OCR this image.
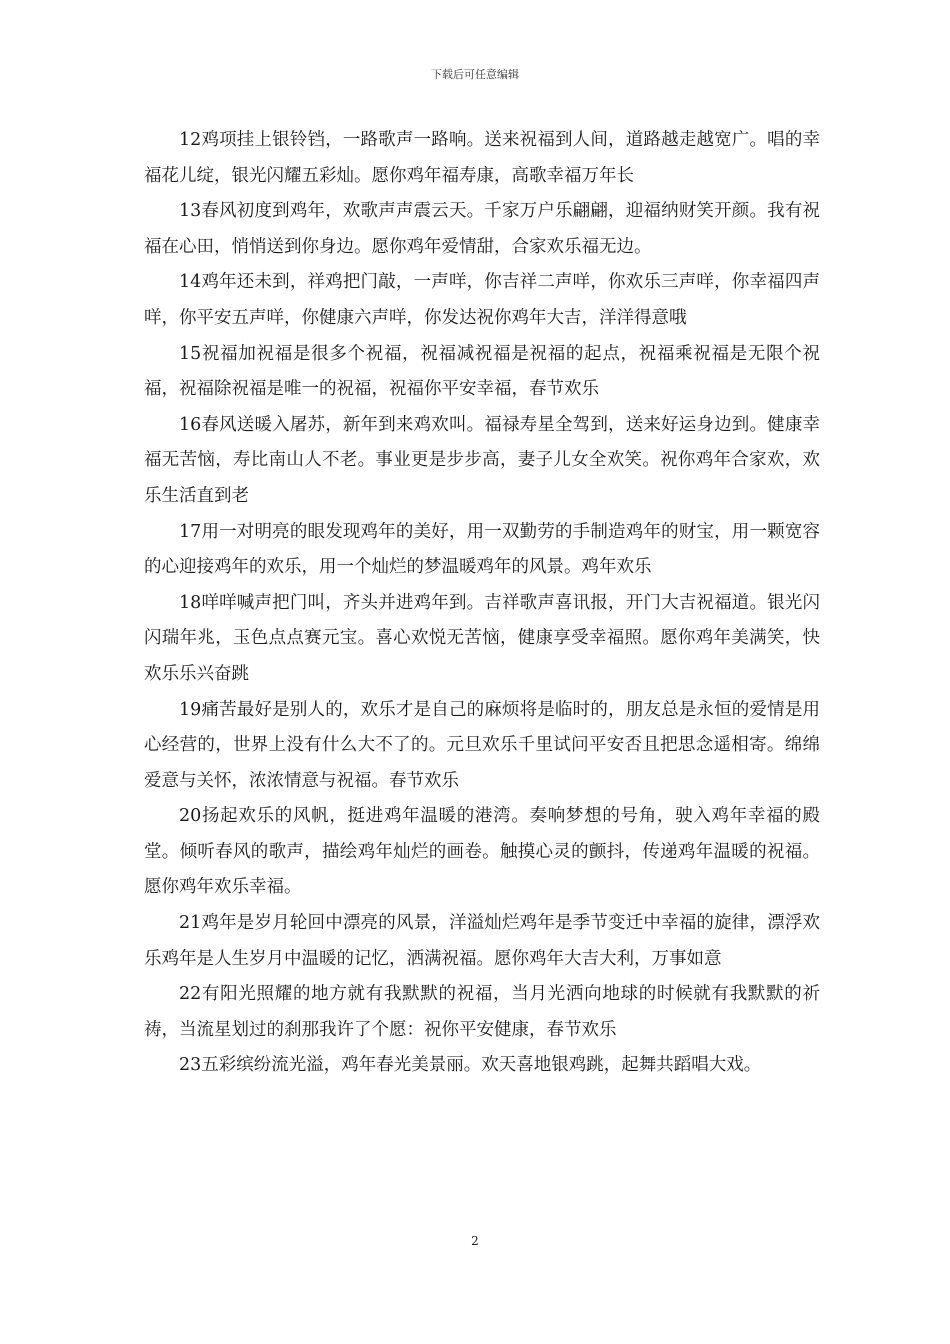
下载后可任意编辑

12鸡项挂上银铃铛，一路歌声一路响。送来祝福到人间，道路越走越宽广。唱的幸福花儿绽，银光闪耀五彩灿。愿你鸡年福寿康，高歌幸福万年长

13春风初度到鸡年，欢歌声声震云天。千家万户乐翩翩，迎福纳财笑开颜。我有祝福在心田，悄悄送到你身边。愿你鸡年爱情甜，合家欢乐福无边。

14鸡年还未到，祥鸡把门敲，一声咩，你吉祥二声咩，你欢乐三声咩，你幸福四声咩，你平安五声咩，你健康六声咩，你发达祝你鸡年大吉，洋洋得意哦

15祝福加祝福是很多个祝福，祝福减祝福是祝福的起点，祝福乘祝福是无限个祝福，祝福除祝福是唯一的祝福，祝福你平安幸福，春节欢乐

16春风送暖入屠苏，新年到来鸡欢叫。福禄寿星全驾到，送来好运身边到。健康幸福无苦恼，寿比南山人不老。事业更是步步高，妻子儿女全欢笑。祝你鸡年合家欢，欢乐生活直到老

17用一对明亮的眼发现鸡年的美好，用一双勤劳的手制造鸡年的财宝，用一颗宽容的心迎接鸡年的欢乐，用一个灿烂的梦温暖鸡年的风景。鸡年欢乐

18咩咩喊声把门叫，齐头并进鸡年到。吉祥歌声喜讯报，开门大吉祝福道。银光闪闪瑞年兆，玉色点点赛元宝。喜心欢悦无苦恼，健康享受幸福照。愿你鸡年美满笑，快欢乐乐兴奋跳

19痛苦最好是别人的，欢乐才是自己的麻烦将是临时的，朋友总是永恒的爱情是用心经营的，世界上没有什么大不了的。元旦欢乐千里试问平安否且把思念遥相寄。绵绵爱意与关怀，浓浓情意与祝福。春节欢乐

20扬起欢乐的风帆，挺进鸡年温暖的港湾。奏响梦想的号角，驶入鸡年幸福的殿堂。倾听春风的歌声，描绘鸡年灿烂的画卷。触摸心灵的颤抖，传递鸡年温暖的祝福。愿你鸡年欢乐幸福。

21鸡年是岁月轮回中漂亮的风景，洋溢灿烂鸡年是季节变迁中幸福的旋律，漂浮欢乐鸡年是人生岁月中温暖的记忆，洒满祝福。愿你鸡年大吉大利，万事如意

22有阳光照耀的地方就有我默默的祝福，当月光洒向地球的时候就有我默默的祈祷，当流星划过的刹那我许了个愿：祝你平安健康，春节欢乐

23五彩缤纷流光溢，鸡年春光美景丽。欢天喜地银鸡跳，起舞共蹈唱大戏。

2
